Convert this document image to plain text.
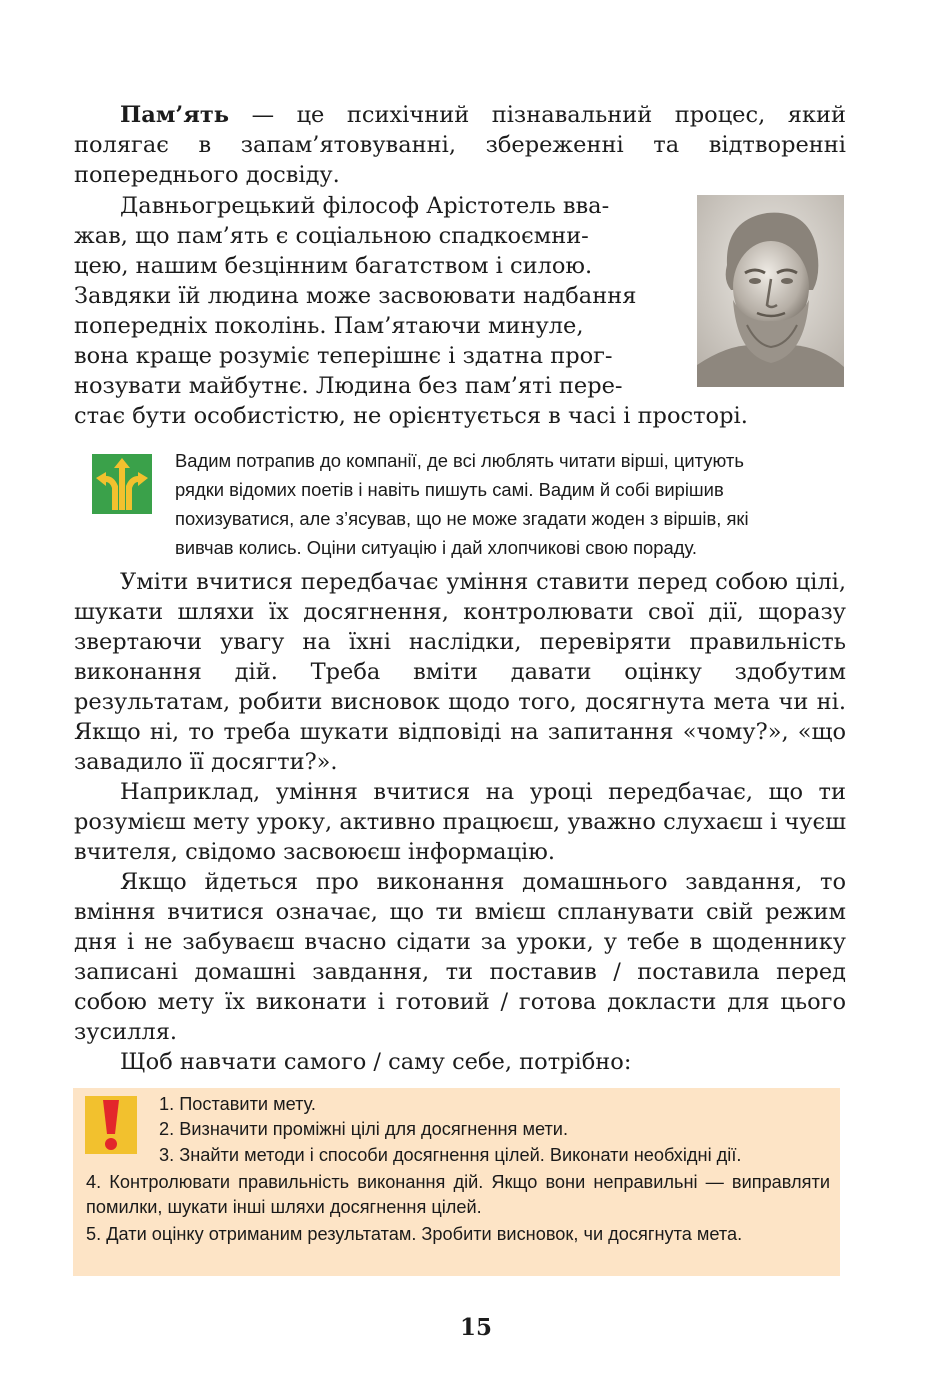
Пам’ять — це психічний пізнавальний процес, який полягає в запам’ятовуванні, збереженні та відтворенні попереднього досвіду.

Давньогрецький філософ Арістотель вва-

жав, що пам’ять є соціальною спадкоємни-

цею, нашим безцінним багатством і силою.

Завдяки їй людина може засвоювати надбання

попередніх поколінь. Пам’ятаючи минуле,

вона краще розуміє теперішнє і здатна прог-

нозувати майбутнє. Людина без пам’яті пере-

стає бути особистістю, не орієнтується в часі і просторі.

Вадим потрапив до компанії, де всі люблять читати вірші, цитують
рядки відомих поетів і навіть пишуть самі. Вадим й собі вирішив
похизуватися, але з’ясував, що не може згадати жоден з віршів, які
вивчав колись. Оціни ситуацію і дай хлопчикові свою пораду.

Уміти вчитися передбачає уміння ставити перед собою цілі, шукати шляхи їх досягнення, контролювати свої дії, щоразу звертаючи увагу на їхні наслідки, перевіряти правильність виконання дій. Треба вміти давати оцінку здобутим результатам, робити висновок щодо того, досягнута мета чи ні. Якщо ні, то треба шукати відповіді на запитання «чому?», «що завадило її досягти?».

Наприклад, уміння вчитися на уроці передбачає, що ти розумієш мету уроку, активно працюєш, уважно слухаєш і чуєш вчителя, свідомо засвоюєш інформацію.

Якщо йдеться про виконання домашнього завдання, то вміння вчитися означає, що ти вмієш спланувати свій режим дня і не забуваєш вчасно сідати за уроки, у тебе в щоденнику записані домашні завдання, ти поставив / поставила перед собою мету їх виконати і готовий / готова докласти для цього зусилля.

Щоб навчати самого / саму себе, потрібно:

1. Поставити мету.

2. Визначити проміжні цілі для досягнення мети.

3. Знайти методи і способи досягнення цілей. Виконати необхідні дії.

4. Контролювати правильність виконання дій. Якщо вони неправильні — виправляти помилки, шукати інші шляхи досягнення цілей.

5. Дати оцінку отриманим результатам. Зробити висновок, чи досягнута мета.

15
